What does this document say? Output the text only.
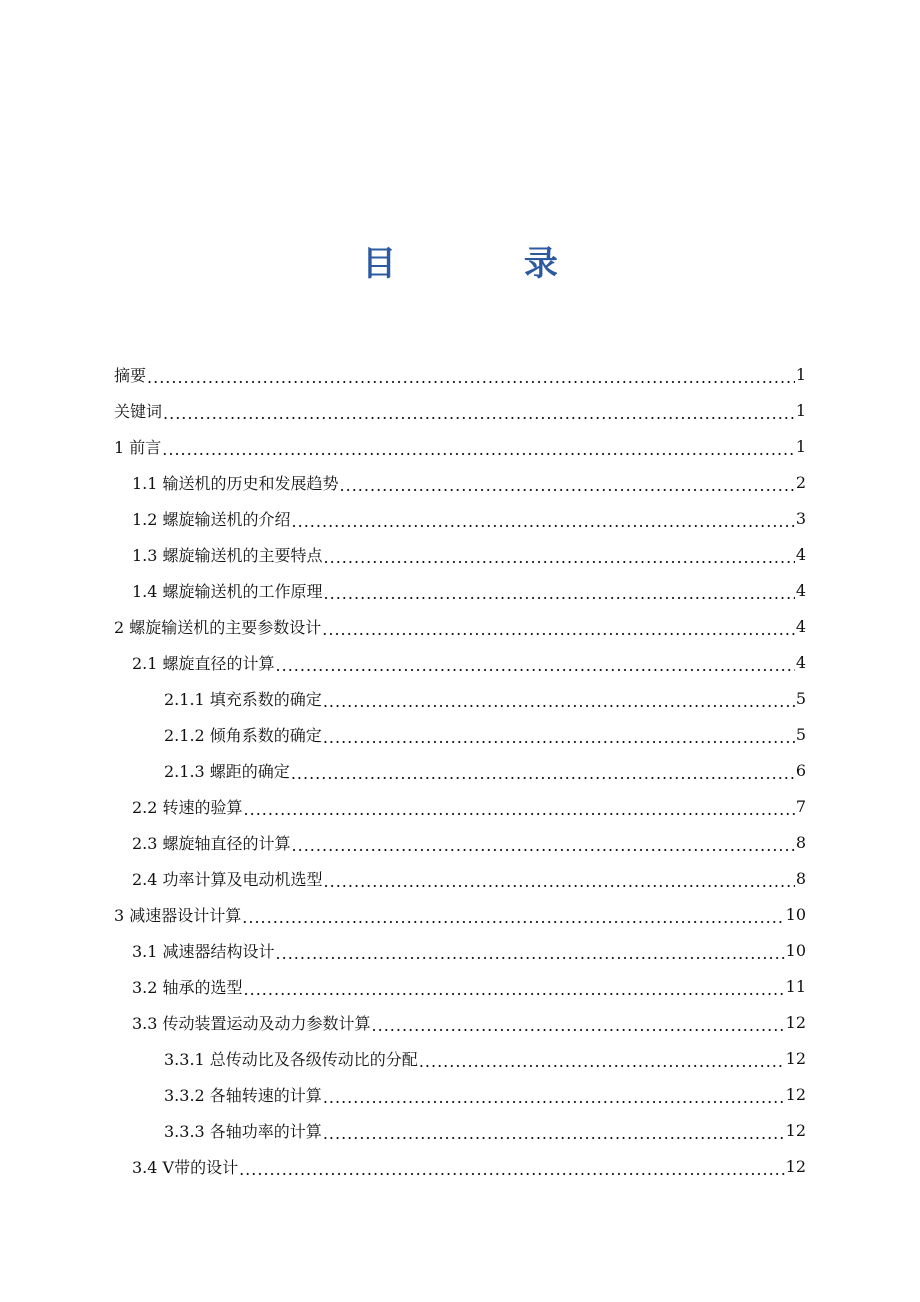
目 录
摘要 .....	1
关键词 .....	1
1 前言 .....	1
1.1 输送机的历史和发展趋势 .....	2
1.2 螺旋输送机的介绍 .....	3
1.3 螺旋输送机的主要特点 .....	4
1.4 螺旋输送机的工作原理 .....	4
2 螺旋输送机的主要参数设计 .....	4
2.1 螺旋直径的计算 .....	4
2.1.1 填充系数的确定 .....	5
2.1.2 倾角系数的确定 .....	5
2.1.3 螺距的确定 .....	6
2.2 转速的验算 .....	7
2.3 螺旋轴直径的计算 .....	8
2.4 功率计算及电动机选型 .....	8
3 减速器设计计算 .....	10
3.1 减速器结构设计 .....	10
3.2 轴承的选型 .....	11
3.3 传动装置运动及动力参数计算 .....	12
3.3.1 总传动比及各级传动比的分配 .....	12
3.3.2 各轴转速的计算 .....	12
3.3.3 各轴功率的计算 .....	12
3.4 V带的设计 .....	12
